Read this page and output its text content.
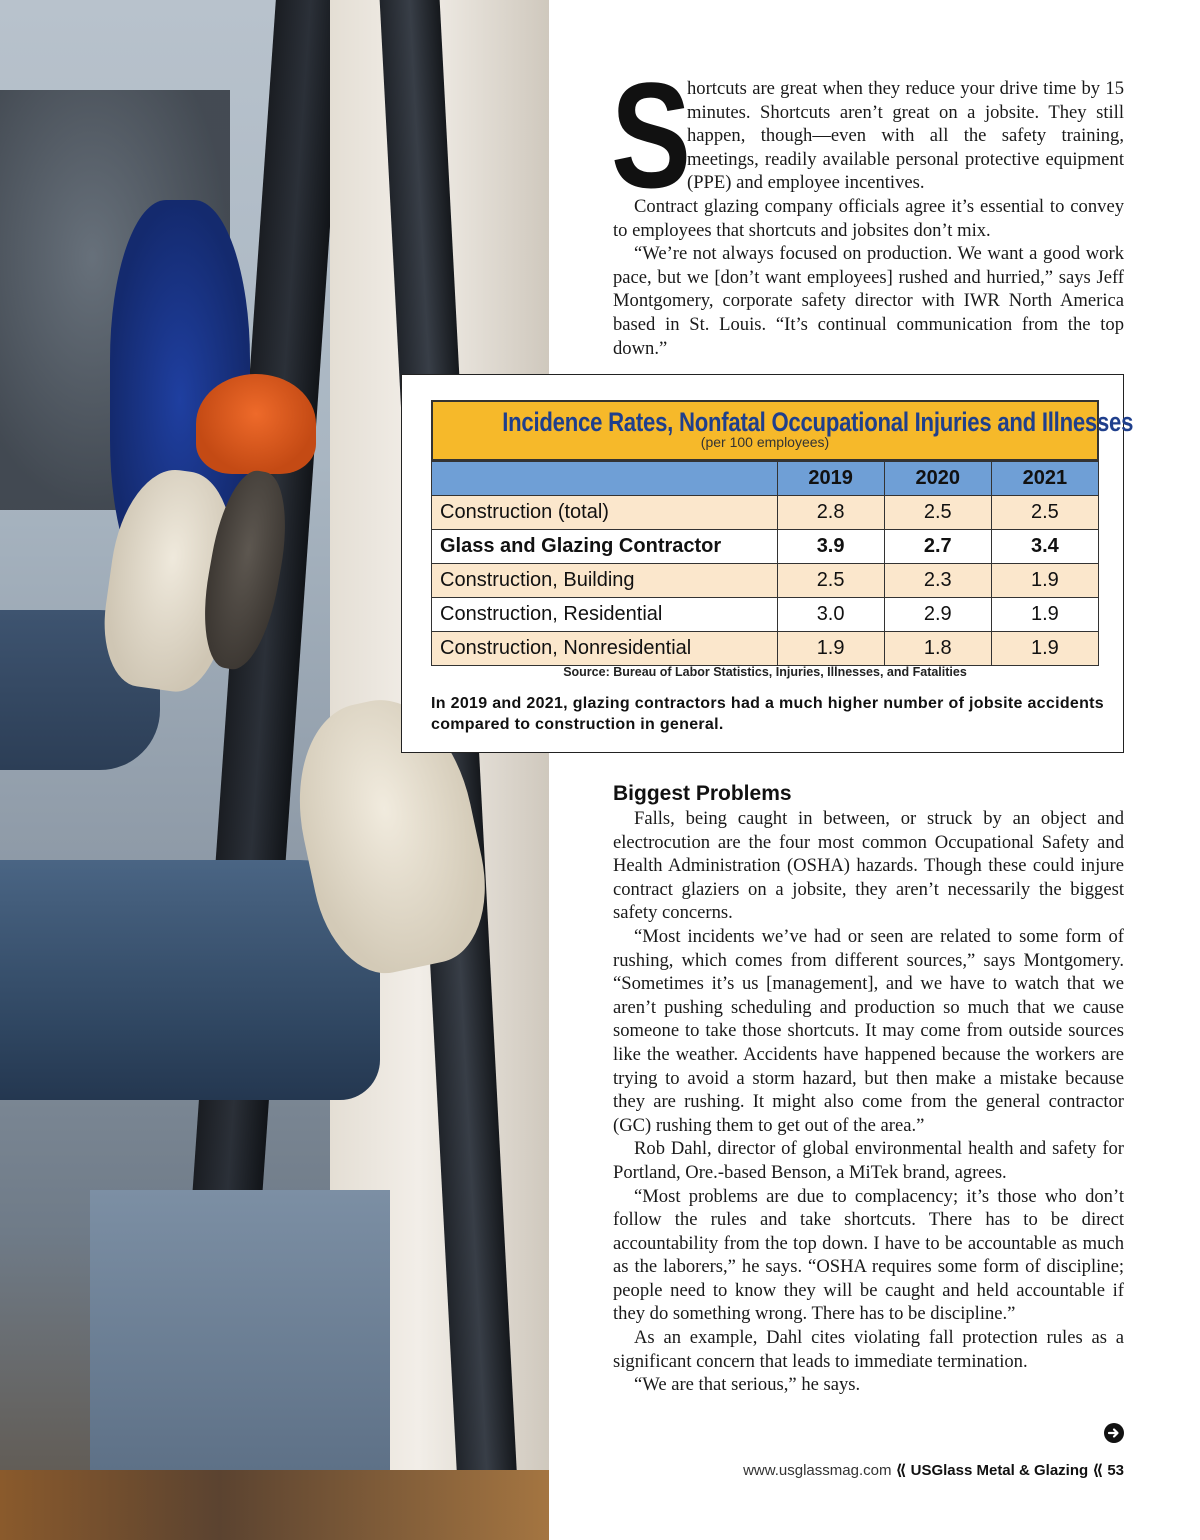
S

hortcuts are great when they reduce your drive time by 15 minutes. Shortcuts aren’t great on a jobsite. They still happen, though—even with all the safety training, meetings, readily available personal protective equipment (PPE) and employee incentives.

Contract glazing company officials agree it’s essential to convey to employees that shortcuts and jobsites don’t mix.

“We’re not always focused on production. We want a good work pace, but we [don’t want employees] rushed and hurried,” says Jeff Montgomery, corporate safety director with IWR North America based in St. Louis. “It’s continual communication from the top down.”

Incidence Rates, Nonfatal Occupational Injuries and Illnesses
(per 100 employees)
	2019	2020	2021
Construction (total)	2.8	2.5	2.5
Glass and Glazing Contractor	3.9	2.7	3.4
Construction, Building	2.5	2.3	1.9
Construction, Residential	3.0	2.9	1.9
Construction, Nonresidential	1.9	1.8	1.9
Source: Bureau of Labor Statistics, Injuries, Illnesses, and Fatalities
In 2019 and 2021, glazing contractors had a much higher number of jobsite accidents compared to construction in general.
Biggest Problems

Falls, being caught in between, or struck by an object and electrocution are the four most common Occupational Safety and Health Administration (OSHA) hazards. Though these could injure contract glaziers on a jobsite, they aren’t necessarily the biggest safety concerns.

“Most incidents we’ve had or seen are related to some form of rushing, which comes from different sources,” says Montgomery. “Sometimes it’s us [management], and we have to watch that we aren’t pushing scheduling and production so much that we cause someone to take those shortcuts. It may come from outside sources like the weather. Accidents have happened because the workers are trying to avoid a storm hazard, but then make a mistake because they are rushing. It might also come from the general contractor (GC) rushing them to get out of the area.”

Rob Dahl, director of global environmental health and safety for Portland, Ore.-based Benson, a MiTek brand, agrees.

“Most problems are due to complacency; it’s those who don’t follow the rules and take shortcuts. There has to be direct accountability from the top down. I have to be accountable as much as the laborers,” he says. “OSHA requires some form of discipline; people need to know they will be caught and held accountable if they do something wrong. There has to be discipline.”

As an example, Dahl cites violating fall protection rules as a significant concern that leads to immediate termination.

“We are that serious,” he says.

www.usglassmag.com ⟪ USGlass Metal & Glazing ⟪ 53
